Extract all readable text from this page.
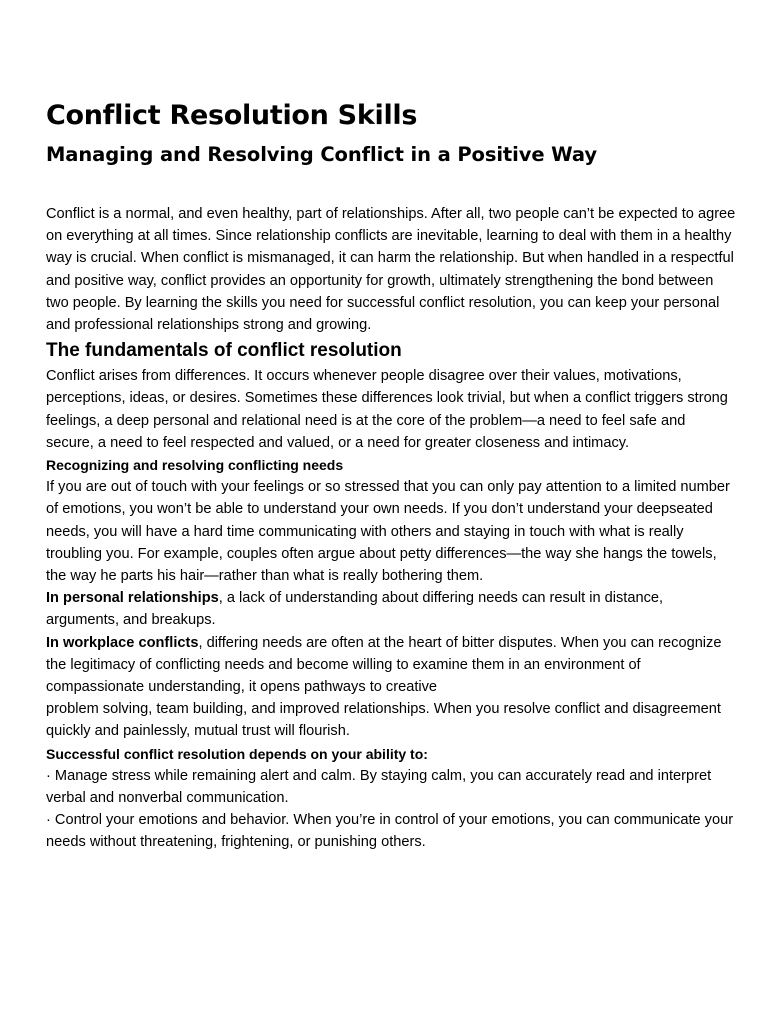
Conflict Resolution Skills
Managing and Resolving Conflict in a Positive Way

Conflict is a normal, and even healthy, part of relationships. After all, two people can’t be expected to agree on everything at all times. Since relationship conflicts are inevitable, learning to deal with them in a healthy way is crucial. When conflict is mismanaged, it can harm the relationship. But when handled in a respectful and positive way, conflict provides an opportunity for growth, ultimately strengthening the bond between two people. By learning the skills you need for successful conflict resolution, you can keep your personal and professional relationships strong and growing.

The fundamentals of conflict resolution

Conflict arises from differences. It occurs whenever people disagree over their values, motivations, perceptions, ideas, or desires. Sometimes these differences look trivial, but when a conflict triggers strong feelings, a deep personal and relational need is at the core of the problem—a need to feel safe and secure, a need to feel respected and valued, or a need for greater closeness and intimacy.

Recognizing and resolving conflicting needs

If you are out of touch with your feelings or so stressed that you can only pay attention to a limited number of emotions, you won’t be able to understand your own needs. If you don’t understand your deepseated needs, you will have a hard time communicating with others and staying in touch with what is really troubling you. For example, couples often argue about petty differences—the way she hangs the towels, the way he parts his hair—rather than what is really bothering them.

In personal relationships, a lack of understanding about differing needs can result in distance, arguments, and breakups.

In workplace conflicts, differing needs are often at the heart of bitter disputes. When you can recognize the legitimacy of conflicting needs and become willing to examine them in an environment of compassionate understanding, it opens pathways to creative

problem solving, team building, and improved relationships. When you resolve conflict and disagreement quickly and painlessly, mutual trust will flourish.

Successful conflict resolution depends on your ability to:

· Manage stress while remaining alert and calm. By staying calm, you can accurately read and interpret verbal and nonverbal communication.

· Control your emotions and behavior. When you’re in control of your emotions, you can communicate your needs without threatening, frightening, or punishing others.
